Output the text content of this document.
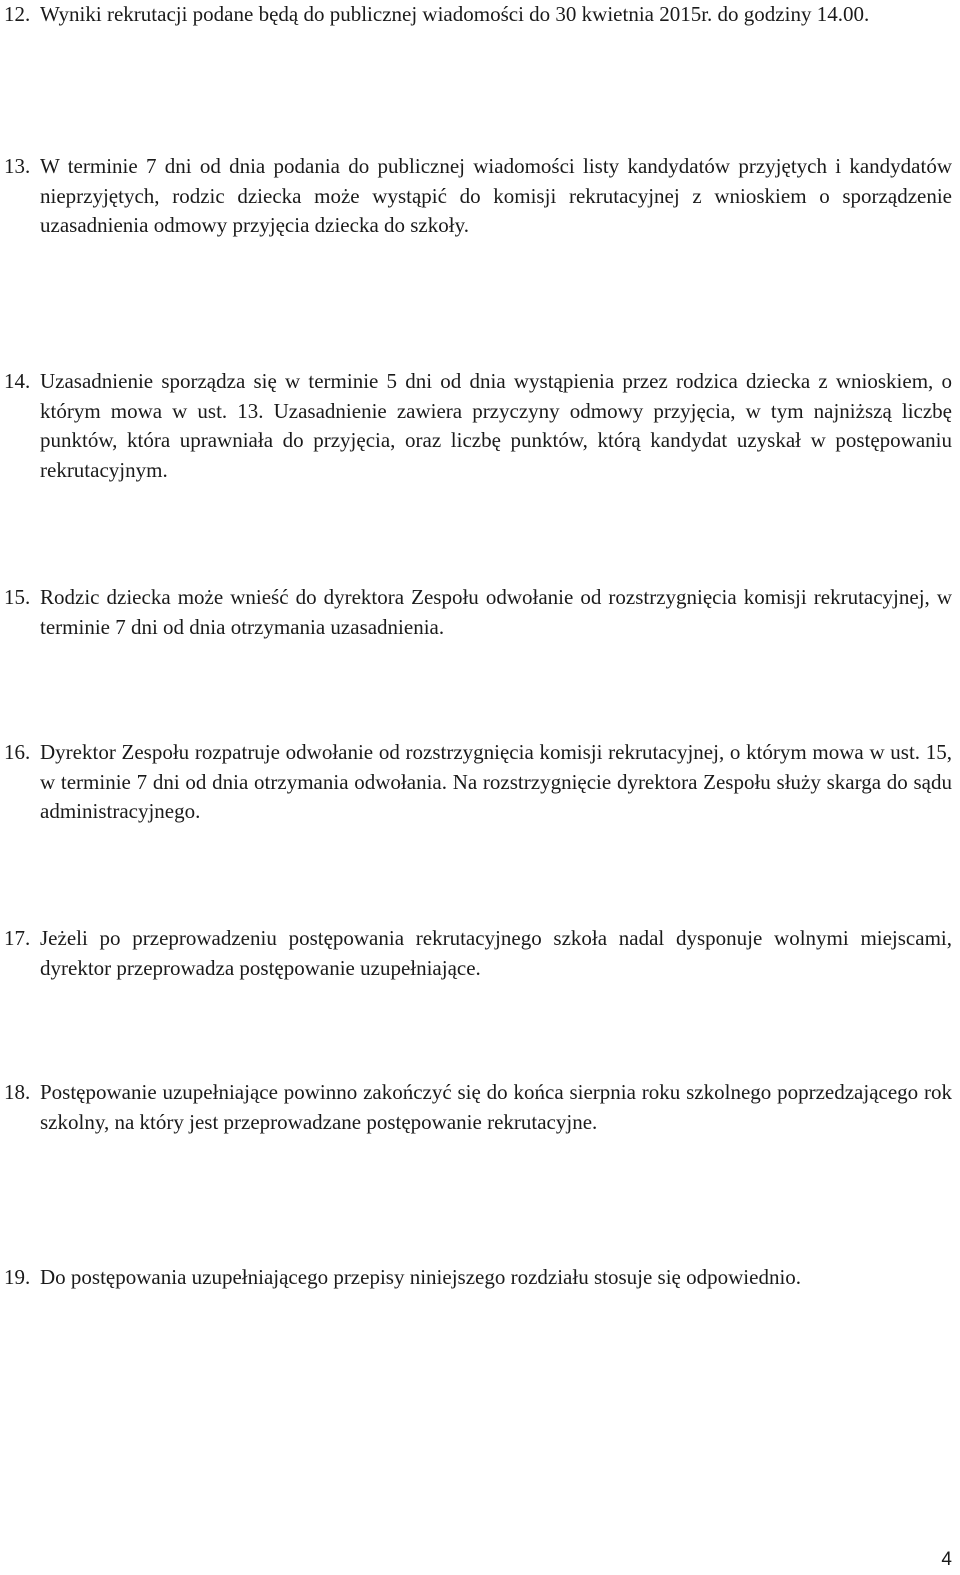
12. Wyniki rekrutacji podane będą do publicznej wiadomości do 30 kwietnia 2015r. do godziny 14.00.
13. W terminie 7 dni od dnia podania do publicznej wiadomości listy kandydatów przyjętych i kandydatów nieprzyjętych, rodzic dziecka może wystąpić do komisji rekrutacyjnej z wnioskiem o sporządzenie uzasadnienia odmowy przyjęcia dziecka do szkoły.
14. Uzasadnienie sporządza się w terminie 5 dni od dnia wystąpienia przez rodzica dziecka z wnioskiem, o którym mowa w ust. 13. Uzasadnienie zawiera przyczyny odmowy przyjęcia, w tym najniższą liczbę punktów, która uprawniała do przyjęcia, oraz liczbę punktów, którą kandydat uzyskał w postępowaniu rekrutacyjnym.
15. Rodzic dziecka może wnieść do dyrektora Zespołu odwołanie od rozstrzygnięcia komisji rekrutacyjnej, w terminie 7 dni od dnia otrzymania uzasadnienia.
16. Dyrektor Zespołu rozpatruje odwołanie od rozstrzygnięcia komisji rekrutacyjnej, o którym mowa w ust. 15, w terminie 7 dni od dnia otrzymania odwołania. Na rozstrzygnięcie dyrektora Zespołu służy skarga do sądu administracyjnego.
17. Jeżeli po przeprowadzeniu postępowania rekrutacyjnego szkoła nadal dysponuje wolnymi miejscami, dyrektor przeprowadza postępowanie uzupełniające.
18. Postępowanie uzupełniające powinno zakończyć się do końca sierpnia roku szkolnego poprzedzającego rok szkolny, na który jest przeprowadzane postępowanie rekrutacyjne.
19. Do postępowania uzupełniającego przepisy niniejszego rozdziału stosuje się odpowiednio.
4
